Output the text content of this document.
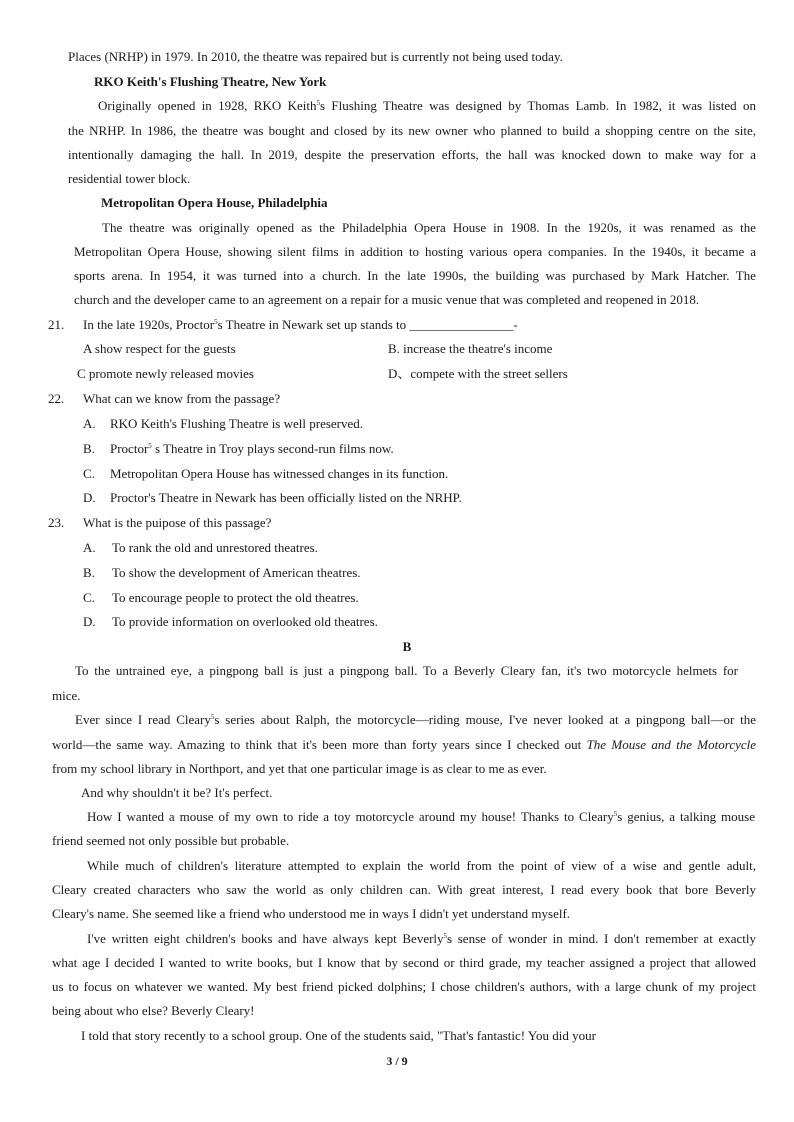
Places (NRHP) in 1979. In 2010, the theatre was repaired but is currently not being used today.
RKO Keith's Flushing Theatre, New York
Originally opened in 1928, RKO Keith$^5$s Flushing Theatre was designed by Thomas Lamb. In 1982, it was listed on
the NRHP. In 1986, the theatre was bought and closed by its new owner who planned to build a shopping centre on the site,
intentionally damaging the hall. In 2019, despite the preservation efforts, the hall was knocked down to make way for a
residential tower block.
Metropolitan Opera House, Philadelphia
The theatre was originally opened as the Philadelphia Opera House in 1908. In the 1920s, it was renamed as the
Metropolitan Opera House, showing silent films in addition to hosting various opera companies. In the 1940s, it became a
sports arena. In 1954, it was turned into a church. In the late 1990s, the building was purchased by Mark Hatcher. The
church and the developer came to an agreement on a repair for a music venue that was completed and reopened in 2018.
21. In the late 1920s, Proctor$^5$s Theatre in Newark set up stands to ________________-
A show respect for the guests	B. increase the theatre's income
C promote newly released movies	D、compete with the street sellers
22. What can we know from the passage?
A. RKO Keith's Flushing Theatre is well preserved.
B. Proctor$^5$ s Theatre in Troy plays second-run films now.
C. Metropolitan Opera House has witnessed changes in its function.
D. Proctor's Theatre in Newark has been officially listed on the NRHP.
23. What is the puipose of this passage?
A. To rank the old and unrestored theatres.
B. To show the development of American theatres.
C. To encourage people to protect the old theatres.
D. To provide information on overlooked old theatres.
B
To the untrained eye, a pingpong ball is just a pingpong ball. To a Beverly Cleary fan, it's two motorcycle helmets for
mice.
Ever since I read Cleary$^5$s series about Ralph, the motorcycle—riding mouse, I've never looked at a pingpong ball—or the
world—the same way. Amazing to think that it's been more than forty years since I checked out The Mouse and the Motorcycle
from my school library in Northport, and yet that one particular image is as clear to me as ever.
And why shouldn't it be? It's perfect.
How I wanted a mouse of my own to ride a toy motorcycle around my house! Thanks to Cleary$^5$s genius, a talking mouse
friend seemed not only possible but probable.
While much of children's literature attempted to explain the world from the point of view of a wise and gentle adult,
Cleary created characters who saw the world as only children can. With great interest, I read every book that bore Beverly
Cleary's name. She seemed like a friend who understood me in ways I didn't yet understand myself.
I've written eight children's books and have always kept Beverly$^5$s sense of wonder in mind. I don't remember at exactly
what age I decided I wanted to write books, but I know that by second or third grade, my teacher assigned a project that allowed
us to focus on whatever we wanted. My best friend picked dolphins; I chose children's authors, with a large chunk of my project
being about who else? Beverly Cleary!
I told that story recently to a school group. One of the students said, "That's fantastic! You did your
3 / 9
